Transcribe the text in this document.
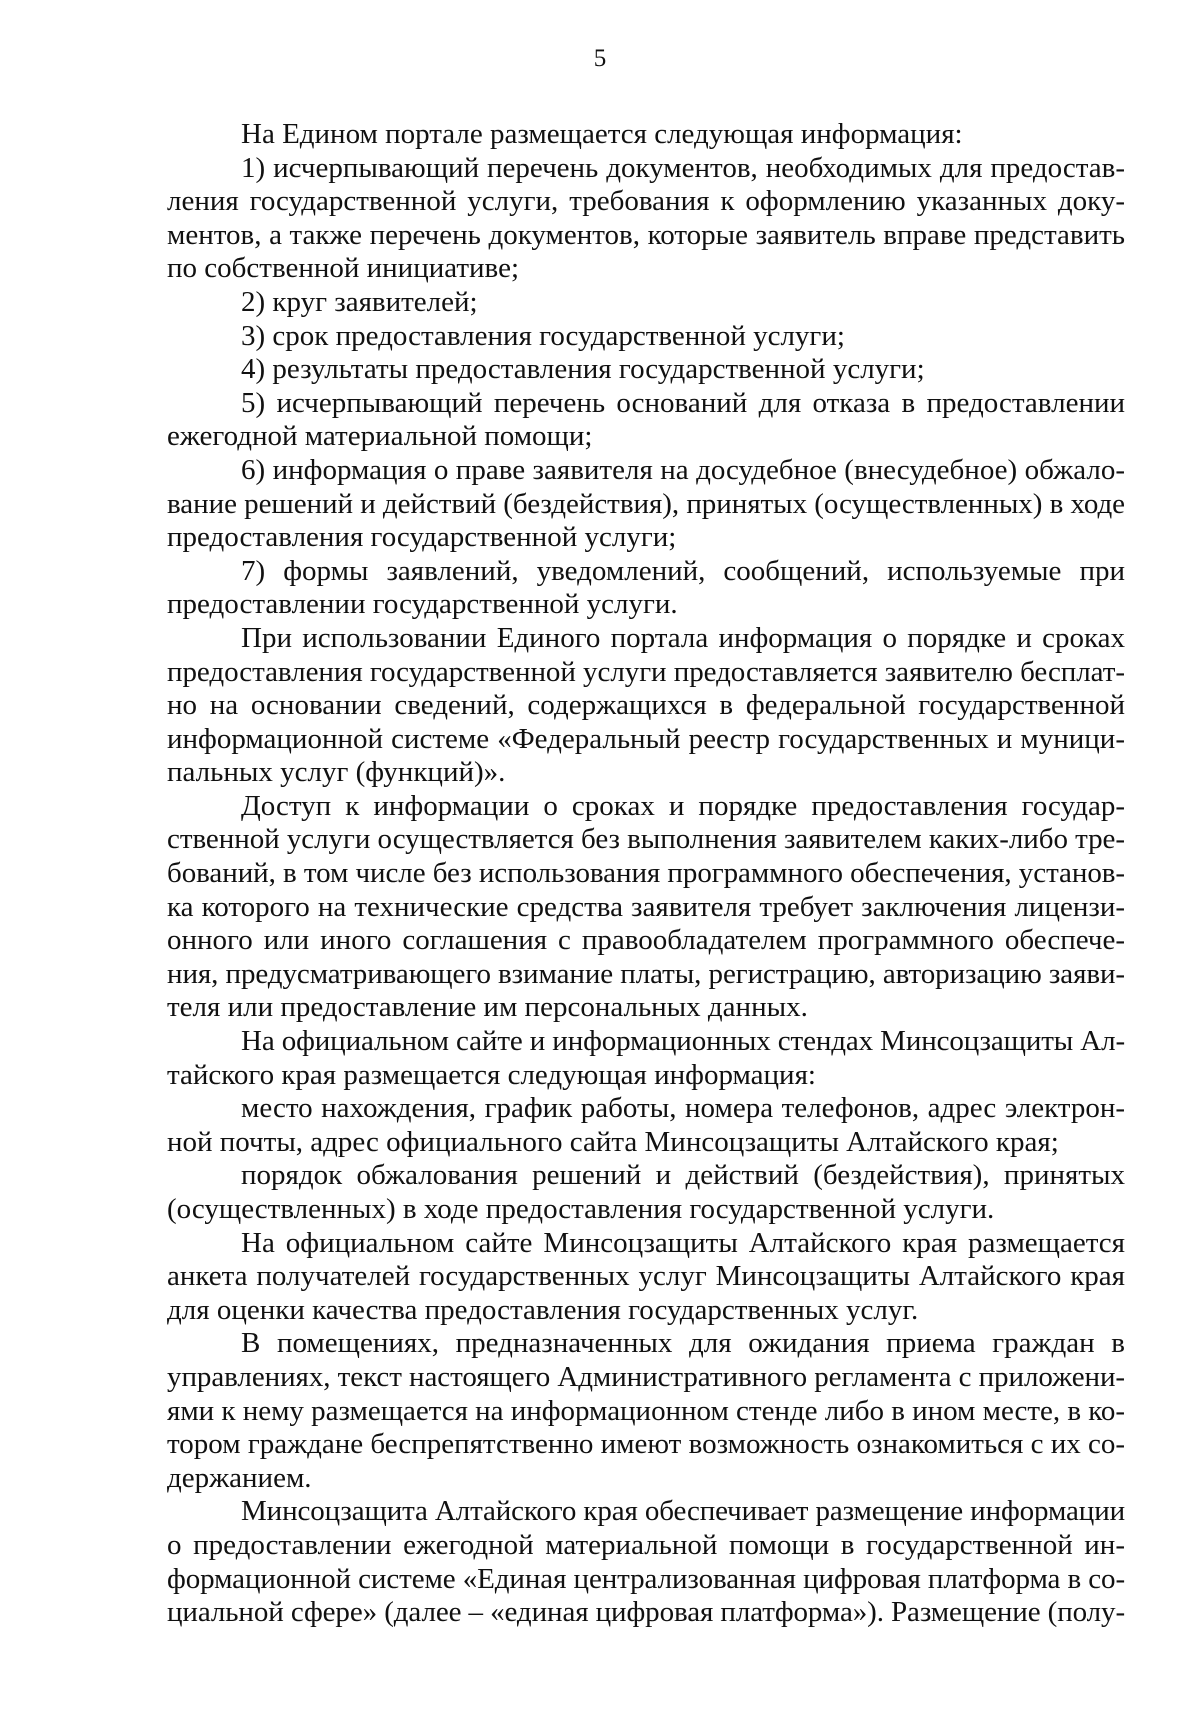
5
На Едином портале размещается следующая информация:
1) исчерпывающий перечень документов, необходимых для предостав-
ления государственной услуги, требования к оформлению указанных доку-
ментов, а также перечень документов, которые заявитель вправе представить
по собственной инициативе;
2) круг заявителей;
3) срок предоставления государственной услуги;
4) результаты предоставления государственной услуги;
5) исчерпывающий перечень оснований для отказа в предоставлении
ежегодной материальной помощи;
6) информация о праве заявителя на досудебное (внесудебное) обжало-
вание решений и действий (бездействия), принятых (осуществленных) в ходе
предоставления государственной услуги;
7) формы заявлений, уведомлений, сообщений, используемые при
предоставлении государственной услуги.
При использовании Единого портала информация о порядке и сроках
предоставления государственной услуги предоставляется заявителю бесплат-
но на основании сведений, содержащихся в федеральной государственной
информационной системе «Федеральный реестр государственных и муници-
пальных услуг (функций)».
Доступ к информации о сроках и порядке предоставления государ-
ственной услуги осуществляется без выполнения заявителем каких-либо тре-
бований, в том числе без использования программного обеспечения, установ-
ка которого на технические средства заявителя требует заключения лицензи-
онного или иного соглашения с правообладателем программного обеспече-
ния, предусматривающего взимание платы, регистрацию, авторизацию заяви-
теля или предоставление им персональных данных.
На официальном сайте и информационных стендах Минсоцзащиты Ал-
тайского края размещается следующая информация:
место нахождения, график работы, номера телефонов, адрес электрон-
ной почты, адрес официального сайта Минсоцзащиты Алтайского края;
порядок обжалования решений и действий (бездействия), принятых
(осуществленных) в ходе предоставления государственной услуги.
На официальном сайте Минсоцзащиты Алтайского края размещается
анкета получателей государственных услуг Минсоцзащиты Алтайского края
для оценки качества предоставления государственных услуг.
В помещениях, предназначенных для ожидания приема граждан в
управлениях, текст настоящего Административного регламента с приложени-
ями к нему размещается на информационном стенде либо в ином месте, в ко-
тором граждане беспрепятственно имеют возможность ознакомиться с их со-
держанием.
Минсоцзащита Алтайского края обеспечивает размещение информации
о предоставлении ежегодной материальной помощи в государственной ин-
формационной системе «Единая централизованная цифровая платформа в со-
циальной сфере» (далее – «единая цифровая платформа»). Размещение (полу-
